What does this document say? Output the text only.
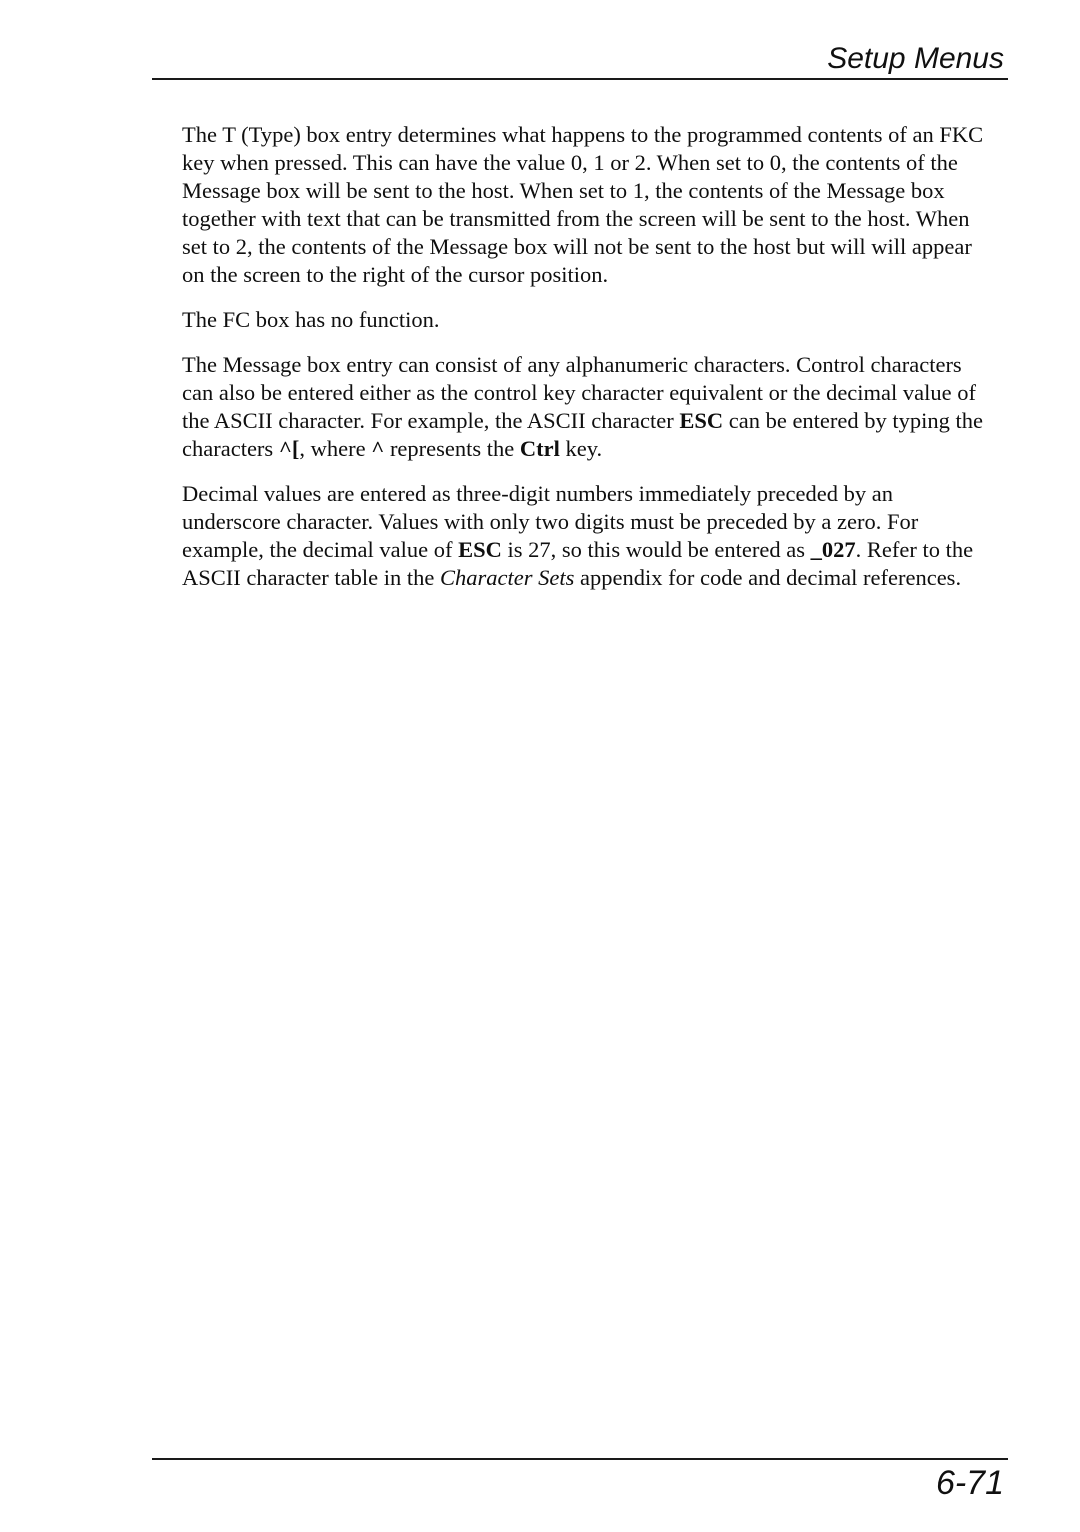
Setup Menus

The T (Type) box entry determines what happens to the programmed contents of an FKC key when pressed. This can have the value 0, 1 or 2. When set to 0, the contents of the Message box will be sent to the host. When set to 1, the contents of the Message box together with text that can be transmitted from the screen will be sent to the host. When set to 2, the contents of the Message box will not be sent to the host but will will appear on the screen to the right of the cursor position.

The FC box has no function.

The Message box entry can consist of any alphanumeric characters. Control characters can also be entered either as the control key character equivalent or the decimal value of the ASCII character. For example, the ASCII character ESC can be entered by typing the characters ^[, where ^ represents the Ctrl key.

Decimal values are entered as three-digit numbers immediately preceded by an underscore character. Values with only two digits must be preceded by a zero. For example, the decimal value of ESC is 27, so this would be entered as _027. Refer to the ASCII character table in the Character Sets appendix for code and decimal references.

6-71
